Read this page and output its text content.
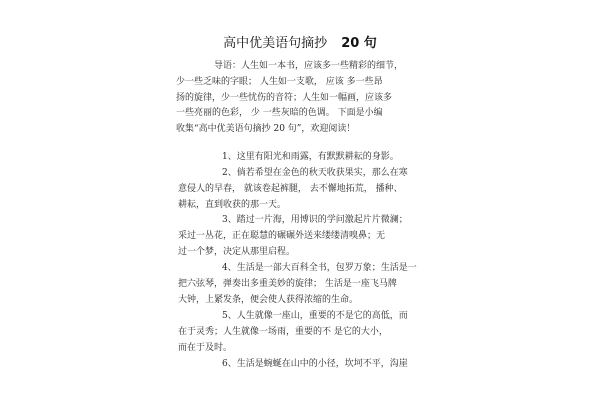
高中优美语句摘抄 20 句
导语：人生如一本书，应该多一些精彩的细节，
少一些乏味的字眼； 人生如一支歌， 应该 多一些昂
扬的旋律，少一些忧伤的音符；人生如一幅画，应该多
一些亮丽的色彩， 少 一些灰暗的色调。 下面是小编
收集“高中优美语句摘抄 20 句”，欢迎阅读！
1、这里有阳光和雨露，有默默耕耘的身影。
2、倘若希望在金色的秋天收获果实，那么在寒
意侵人的早春， 就该卷起裤腿， 去不懈地拓荒， 播种、
耕耘，直到收获的那一天。
3、踏过一片海，用博识的学问激起片片微澜；
采过一丛花，正在聪慧的碾碾外送来缕缕清嗅鼻；无
过一个梦，决定从那里启程。
4、生活是一部大百科全书，包罗万象；生活是一
把六弦琴，弹奏出多重美妙的旋律； 生活是一座飞马牌
大钟，上紧发条，便会使人获得浓缩的生命。
5、人生就像一座山，重要的不是它的高低，而
在于灵秀；人生就像一场雨，重要的不 是它的大小，
而在于及时。
6、生活是蜿蜒在山中的小径，坎坷不平，沟崖
